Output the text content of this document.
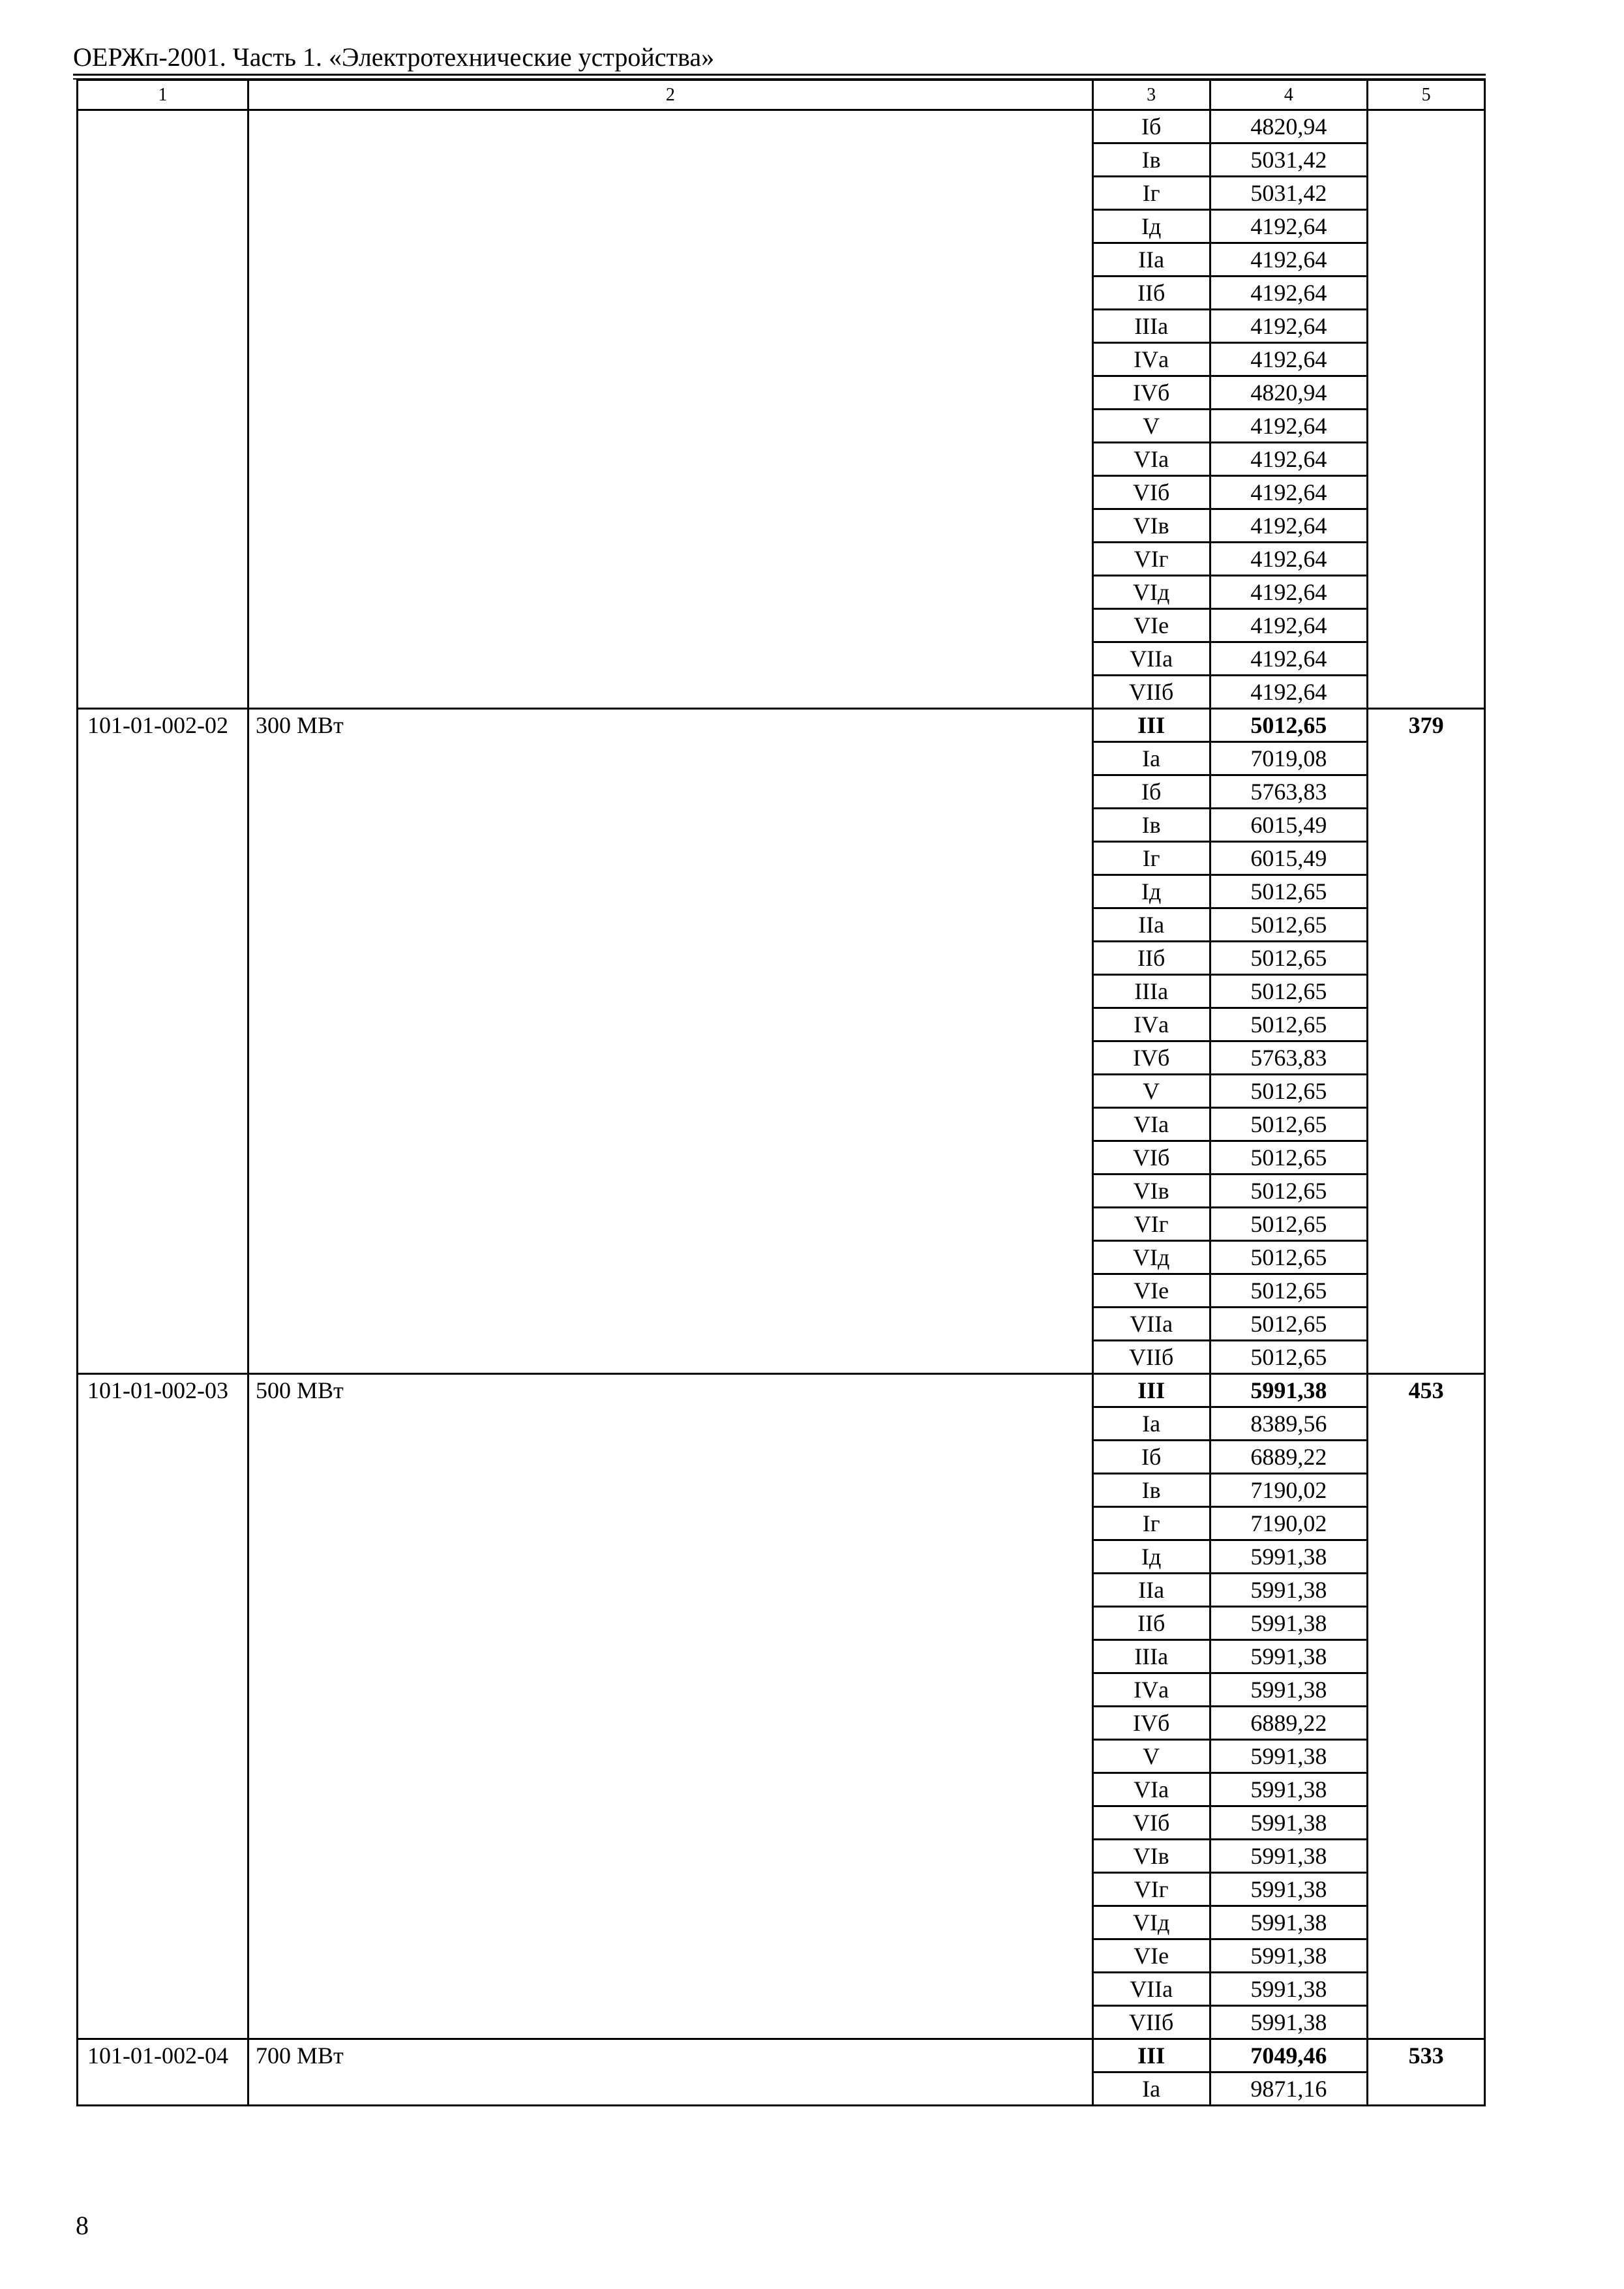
ОЕРЖп-2001. Часть 1. «Электротехнические устройства»
1	2	3	4	5
		Iб	4820,94	
		Iв	5031,42	
		Iг	5031,42	
		Iд	4192,64	
		IIа	4192,64	
		IIб	4192,64	
		IIIа	4192,64	
		IVа	4192,64	
		IVб	4820,94	
		V	4192,64	
		VIа	4192,64	
		VIб	4192,64	
		VIв	4192,64	
		VIг	4192,64	
		VIд	4192,64	
		VIе	4192,64	
		VIIа	4192,64	
		VIIб	4192,64	
101-01-002-02	300 МВт	III	5012,65	379
		Iа	7019,08	
		Iб	5763,83	
		Iв	6015,49	
		Iг	6015,49	
		Iд	5012,65	
		IIа	5012,65	
		IIб	5012,65	
		IIIа	5012,65	
		IVа	5012,65	
		IVб	5763,83	
		V	5012,65	
		VIа	5012,65	
		VIб	5012,65	
		VIв	5012,65	
		VIг	5012,65	
		VIд	5012,65	
		VIе	5012,65	
		VIIа	5012,65	
		VIIб	5012,65	
101-01-002-03	500 МВт	III	5991,38	453
		Iа	8389,56	
		Iб	6889,22	
		Iв	7190,02	
		Iг	7190,02	
		Iд	5991,38	
		IIа	5991,38	
		IIб	5991,38	
		IIIа	5991,38	
		IVа	5991,38	
		IVб	6889,22	
		V	5991,38	
		VIа	5991,38	
		VIб	5991,38	
		VIв	5991,38	
		VIг	5991,38	
		VIд	5991,38	
		VIе	5991,38	
		VIIа	5991,38	
		VIIб	5991,38	
101-01-002-04	700 МВт	III	7049,46	533
		Iа	9871,16	
8
